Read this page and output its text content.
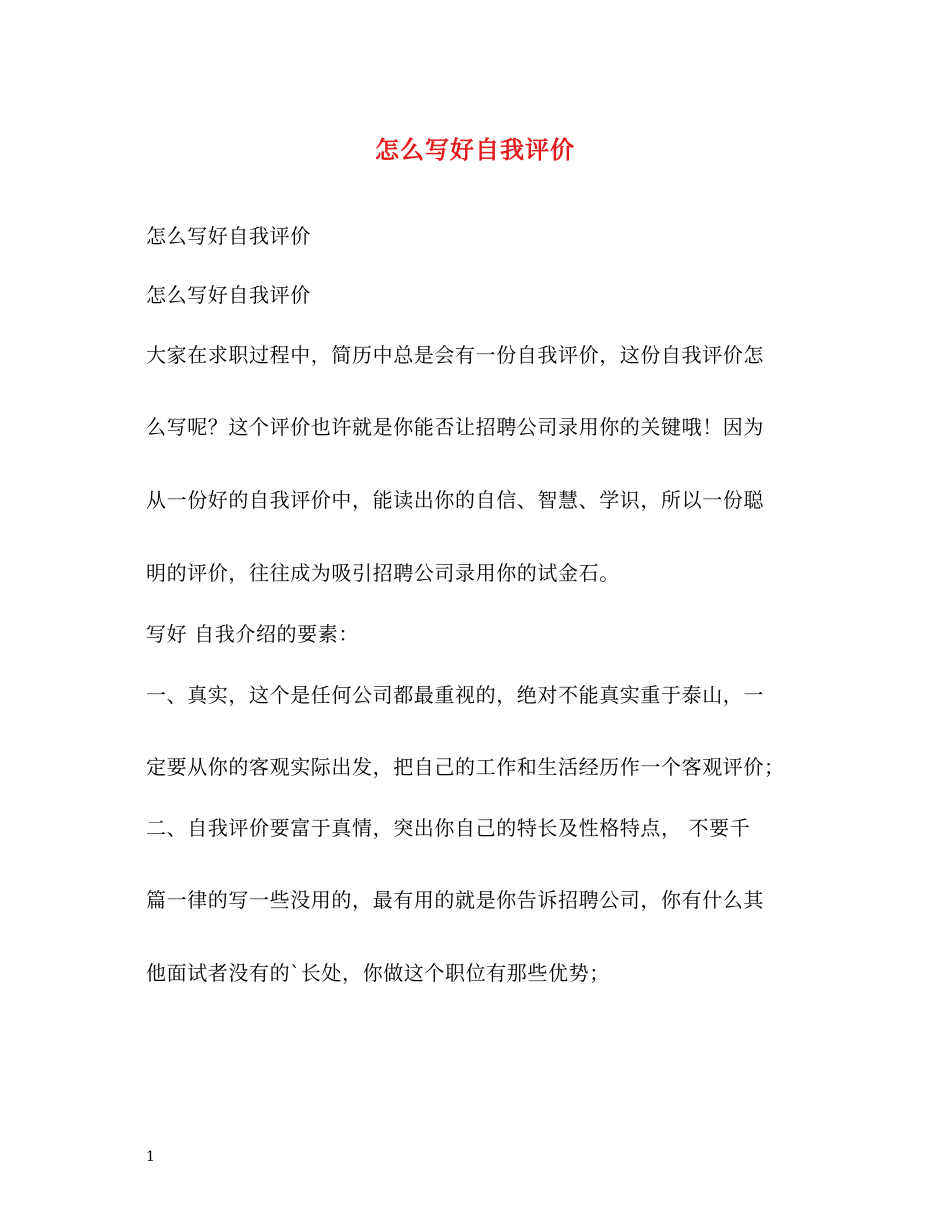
怎么写好自我评价

怎么写好自我评价

怎么写好自我评价

大家在求职过程中，简历中总是会有一份自我评价，这份自我评价怎

么写呢？这个评价也许就是你能否让招聘公司录用你的关键哦！因为

从一份好的自我评价中，能读出你的自信、智慧、学识，所以一份聪

明的评价，往往成为吸引招聘公司录用你的试金石。

写好 自我介绍的要素：

一、真实，这个是任何公司都最重视的，绝对不能真实重于泰山，一

定要从你的客观实际出发，把自己的工作和生活经历作一个客观评价；

二、自我评价要富于真情，突出你自己的特长及性格特点， 不要千

篇一律的写一些没用的，最有用的就是你告诉招聘公司，你有什么其

他面试者没有的`长处，你做这个职位有那些优势；

1
